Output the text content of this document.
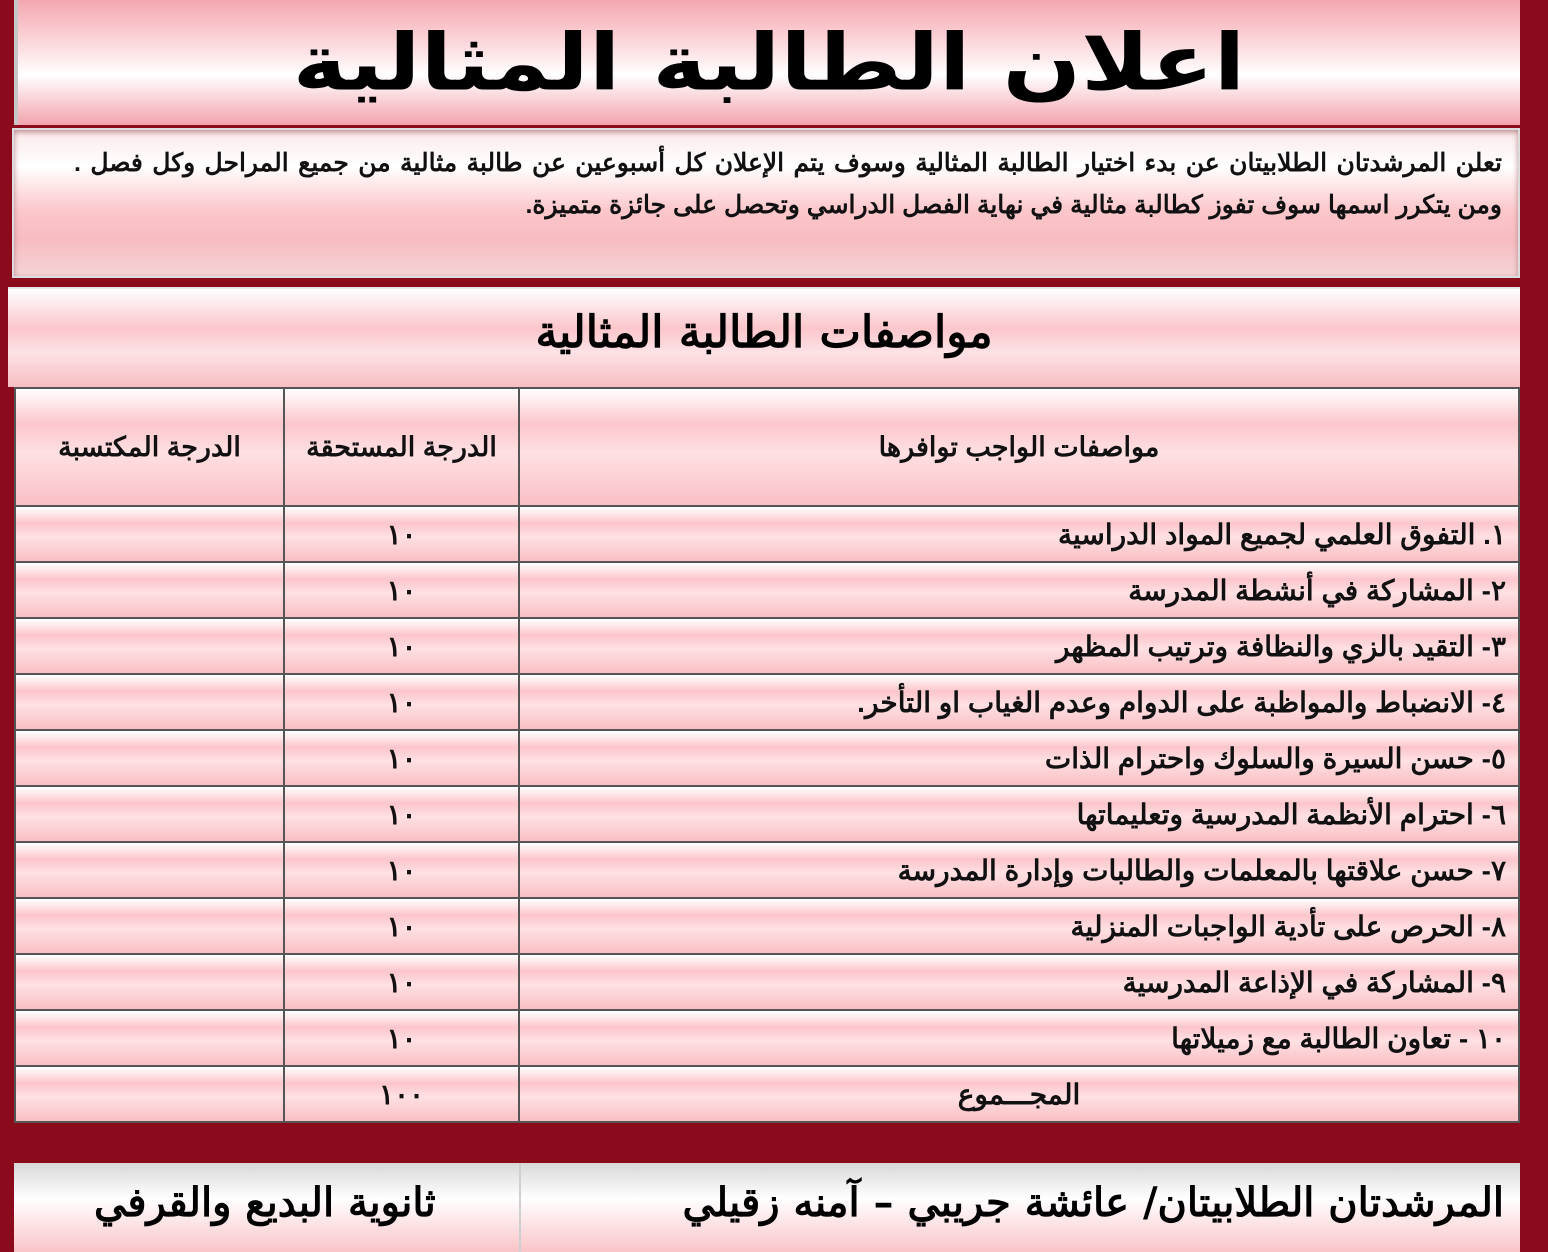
اعلان الطالبة المثالية
تعلن المرشدتان الطلابيتان عن بدء اختيار الطالبة المثالية وسوف يتم الإعلان كل أسبوعين عن طالبة مثالية من جميع المراحل وكل فصل . ومن يتكرر اسمها سوف تفوز كطالبة مثالية في نهاية الفصل الدراسي وتحصل على جائزة متميزة.
مواصفات الطالبة المثالية
مواصفات الواجب توافرها	الدرجة المستحقة	الدرجة المكتسبة
١. التفوق العلمي لجميع المواد الدراسية	١٠	
٢- المشاركة في أنشطة المدرسة	١٠	
٣- التقيد بالزي والنظافة وترتيب المظهر	١٠	
٤- الانضباط والمواظبة على الدوام وعدم الغياب او التأخر.	١٠	
٥- حسن السيرة والسلوك واحترام الذات	١٠	
٦- احترام الأنظمة المدرسية وتعليماتها	١٠	
٧- حسن علاقتها بالمعلمات والطالبات وإدارة المدرسة	١٠	
٨- الحرص على تأدية الواجبات المنزلية	١٠	
٩- المشاركة في الإذاعة المدرسية	١٠	
١٠ - تعاون الطالبة مع زميلاتها	١٠	
المجـــموع	١٠٠	
المرشدتان الطلابيتان/ عائشة جريبي – آمنه زقيلي
ثانوية البديع والقرفي
